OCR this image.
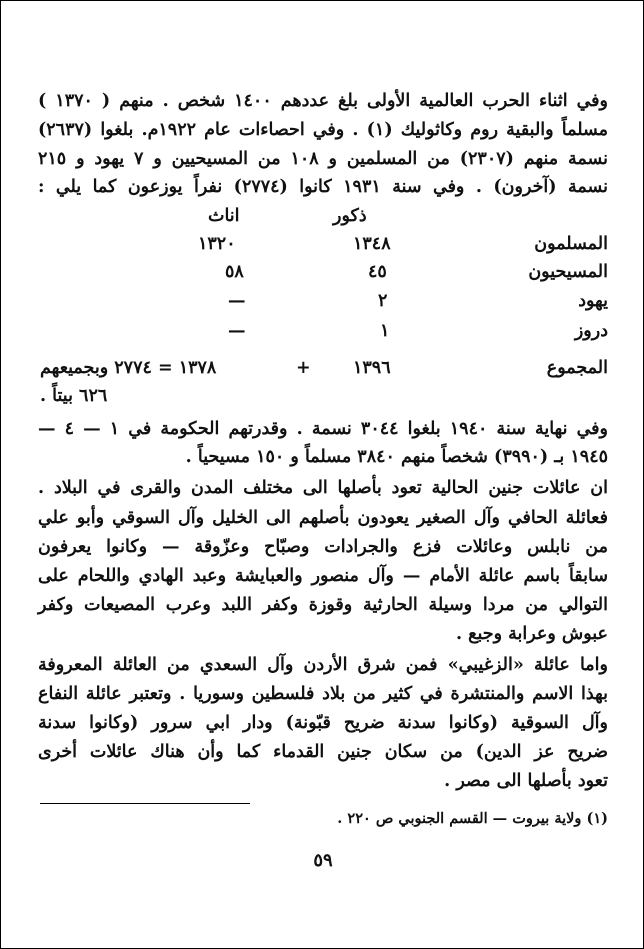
وفي اثناء الحرب العالمية الأولى بلغ عددهم ١٤٠٠ شخص . منهم ( ١٣٧٠ )
مسلماً والبقية روم وكاثوليك (١) . وفي احصاءات عام ١٩٢٢م. بلغوا (٢٦٣٧)
نسمة منهم (٢٣٠٧) من المسلمين و ١٠٨ من المسيحيين و ٧ يهود و ٢١٥
نسمة (آخرون) . وفي سنة ١٩٣١ كانوا (٢٧٧٤) نفراً يوزعون كما يلي :
ذكور
اناث
المسلمون
١٣٤٨
١٣٢٠
المسيحيون
٤٥
٥٨
يهود
٢
—
دروز
١
—
المجموع
١٣٩٦
+
١٣٧٨ = ٢٧٧٤ وبجميعهم
٦٢٦ بيتاً .
وفي نهاية سنة ١٩٤٠ بلغوا ٣٠٤٤ نسمة . وقدرتهم الحكومة في ١ — ٤ —
١٩٤٥ بـ (٣٩٩٠) شخصاً منهم ٣٨٤٠ مسلماً و ١٥٠ مسيحياً .
ان عائلات جنين الحالية تعود بأصلها الى مختلف المدن والقرى في البلاد .
فعائلة الحافي وآل الصغير يعودون بأصلهم الى الخليل وآل السوقي وأبو علي
من نابلس وعائلات فزع والجرادات وصبّاح وعزّوقة — وكانوا يعرفون
سابقاً باسم عائلة الأمام — وآل منصور والعبايشة وعبد الهادي واللحام على
التوالي من مردا وسيلة الحارثية وقوزة وكفر اللبد وعرب المصيعات وكفر
عبوش وعرابة وجبع .
واما عائلة «الزغيبي» فمن شرق الأردن وآل السعدي من العائلة المعروفة
بهذا الاسم والمنتشرة في كثير من بلاد فلسطين وسوريا . وتعتبر عائلة النفاع
وآل السوقية (وكانوا سدنة ضريح قبّونة) ودار ابي سرور (وكانوا سدنة
ضريح عز الدين) من سكان جنين القدماء كما وأن هناك عائلات أخرى
تعود بأصلها الى مصر .
(١) ولاية بيروت — القسم الجنوبي ص ٢٢٠ .
٥٩
